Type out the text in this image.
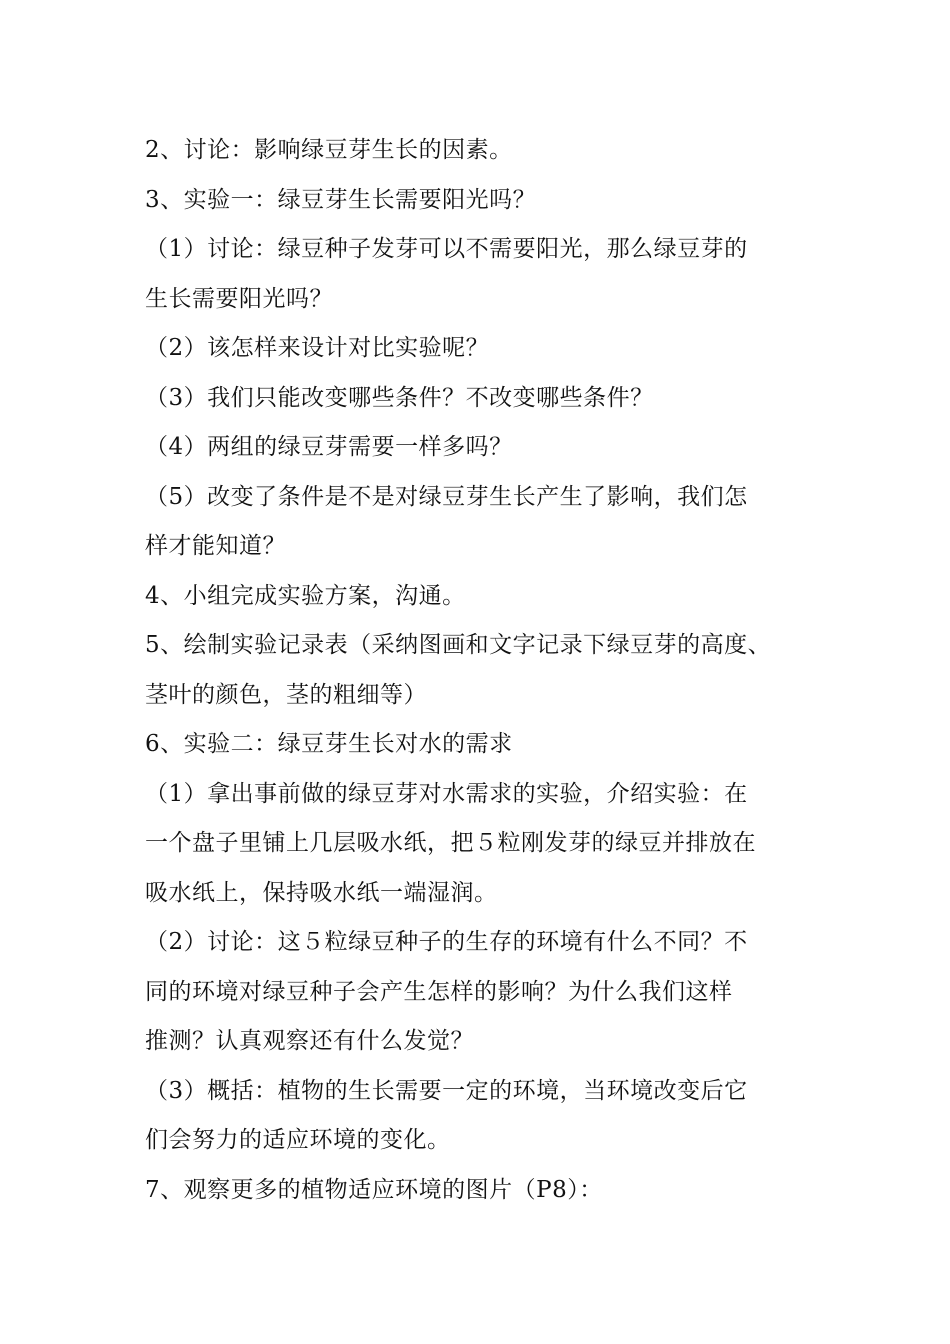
2、讨论：影响绿豆芽生长的因素。
3、实验一：绿豆芽生长需要阳光吗？
（1）讨论：绿豆种子发芽可以不需要阳光，那么绿豆芽的
生长需要阳光吗？
（2）该怎样来设计对比实验呢？
（3）我们只能改变哪些条件？不改变哪些条件？
（4）两组的绿豆芽需要一样多吗？
（5）改变了条件是不是对绿豆芽生长产生了影响，我们怎
样才能知道？
4、小组完成实验方案，沟通。
5、绘制实验记录表（采纳图画和文字记录下绿豆芽的高度、
茎叶的颜色，茎的粗细等）
6、实验二：绿豆芽生长对水的需求
（1）拿出事前做的绿豆芽对水需求的实验，介绍实验：在
一个盘子里铺上几层吸水纸，把５粒刚发芽的绿豆并排放在
吸水纸上，保持吸水纸一端湿润。
（2）讨论：这５粒绿豆种子的生存的环境有什么不同？不
同的环境对绿豆种子会产生怎样的影响？为什么我们这样
推测？认真观察还有什么发觉？
（3）概括：植物的生长需要一定的环境，当环境改变后它
们会努力的适应环境的变化。
7、观察更多的植物适应环境的图片（P8）：
